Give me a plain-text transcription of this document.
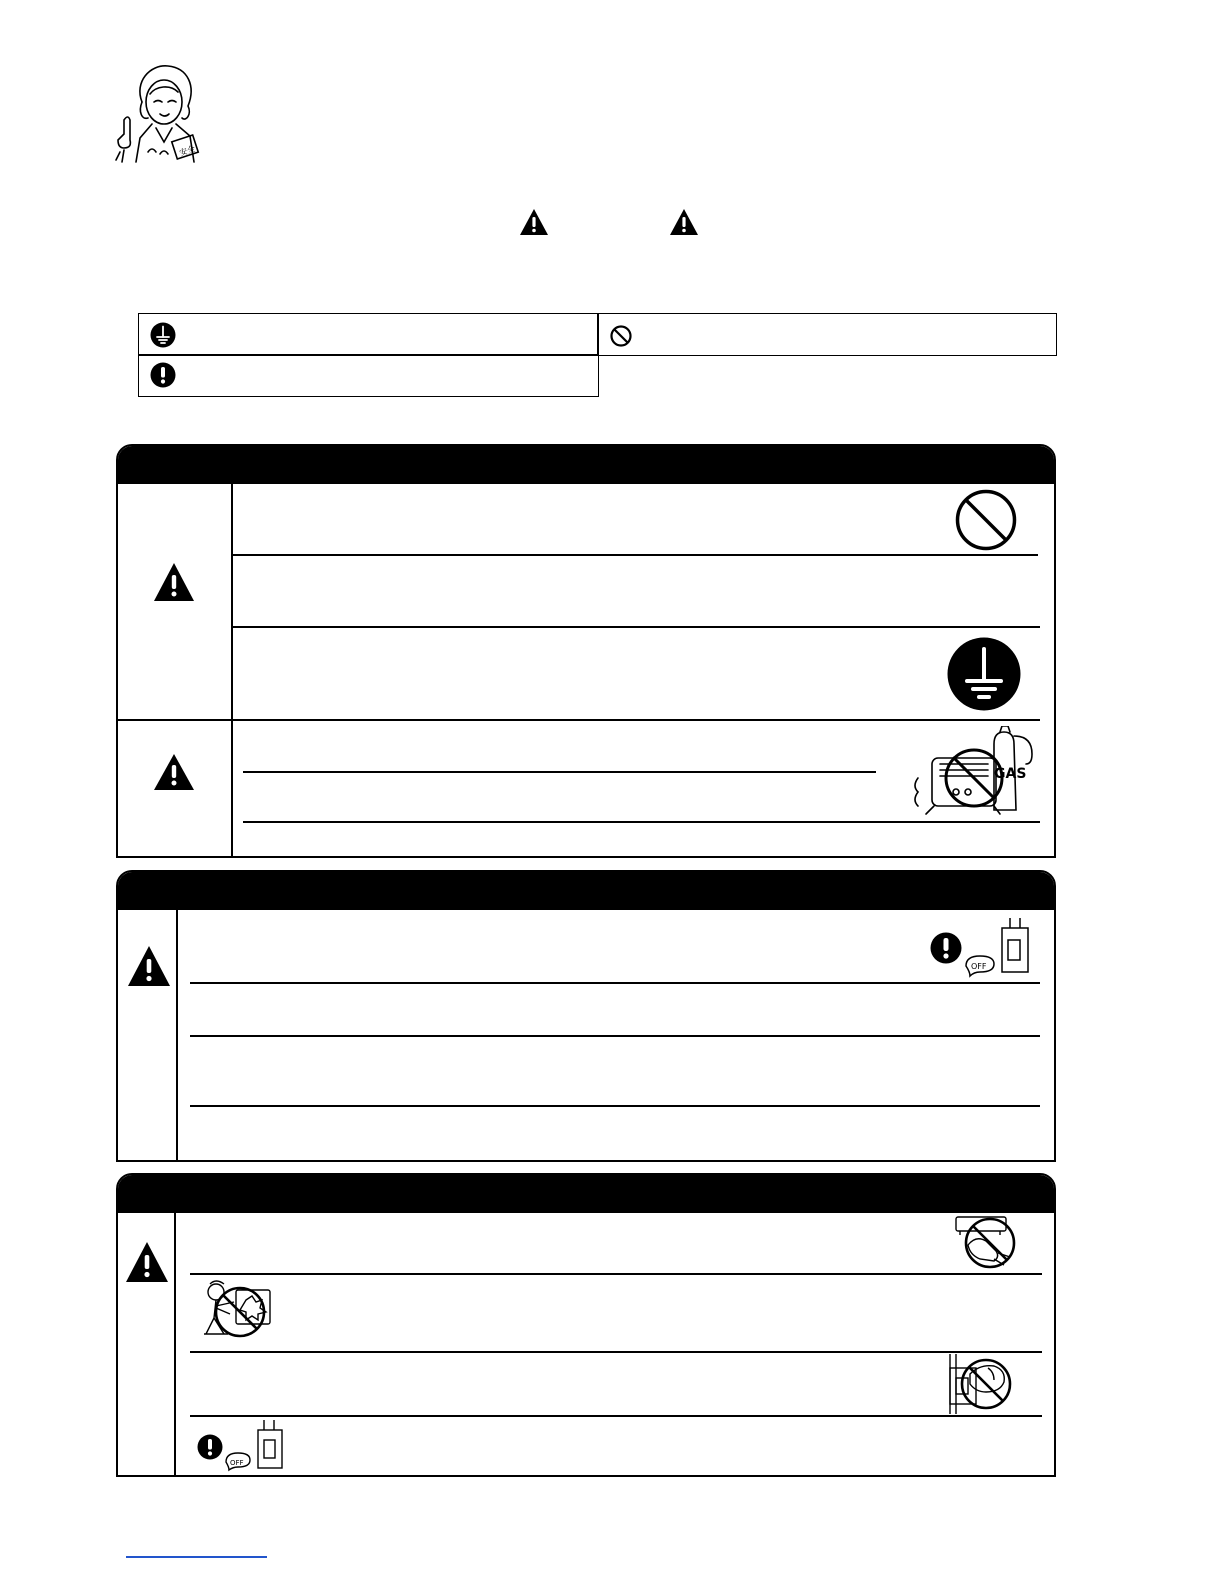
安全
GAS
OFF
OFF
